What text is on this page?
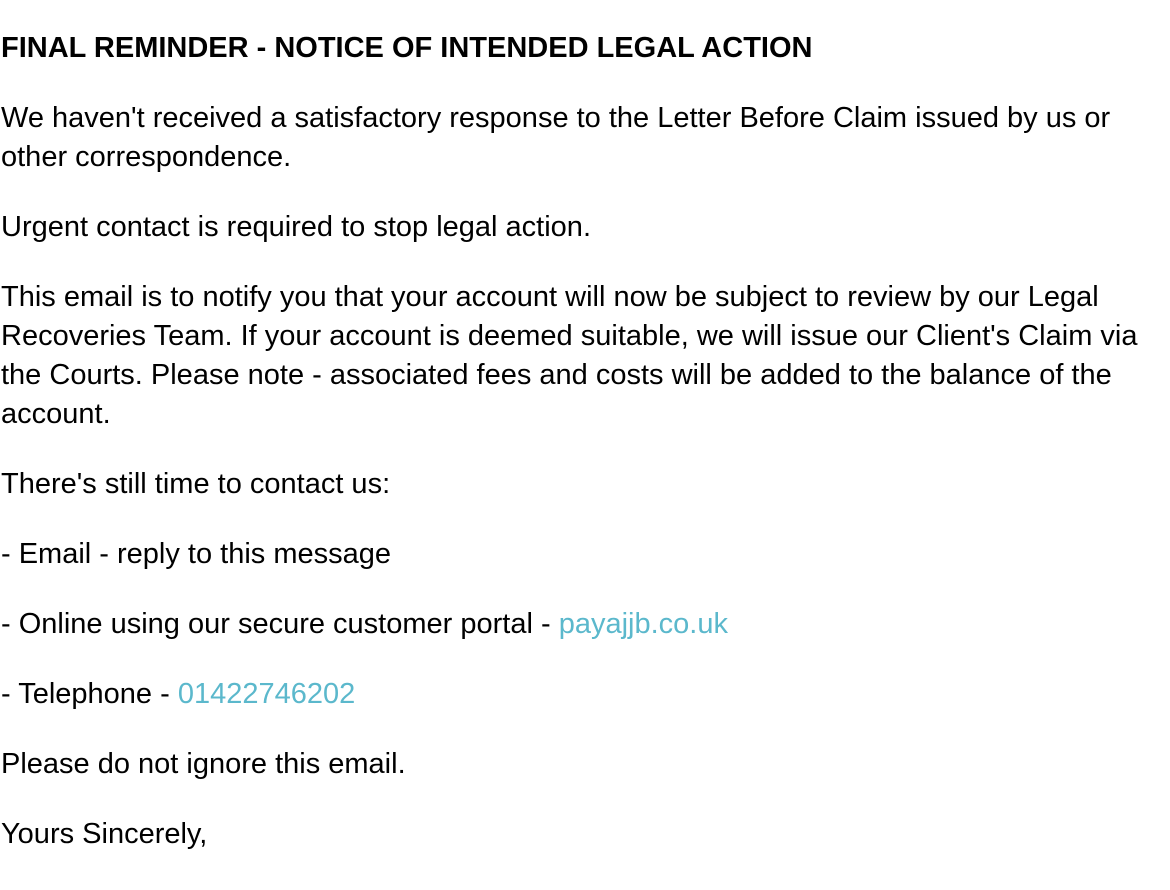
FINAL REMINDER - NOTICE OF INTENDED LEGAL ACTION

We haven't received a satisfactory response to the Letter Before Claim issued by us or other correspondence.

Urgent contact is required to stop legal action.

This email is to notify you that your account will now be subject to review by our Legal Recoveries Team. If your account is deemed suitable, we will issue our Client's Claim via the Courts. Please note - associated fees and costs will be added to the balance of the account.

There's still time to contact us:

- Email - reply to this message

- Online using our secure customer portal - payajjb.co.uk

- Telephone - 01422746202

Please do not ignore this email.

Yours Sincerely,
